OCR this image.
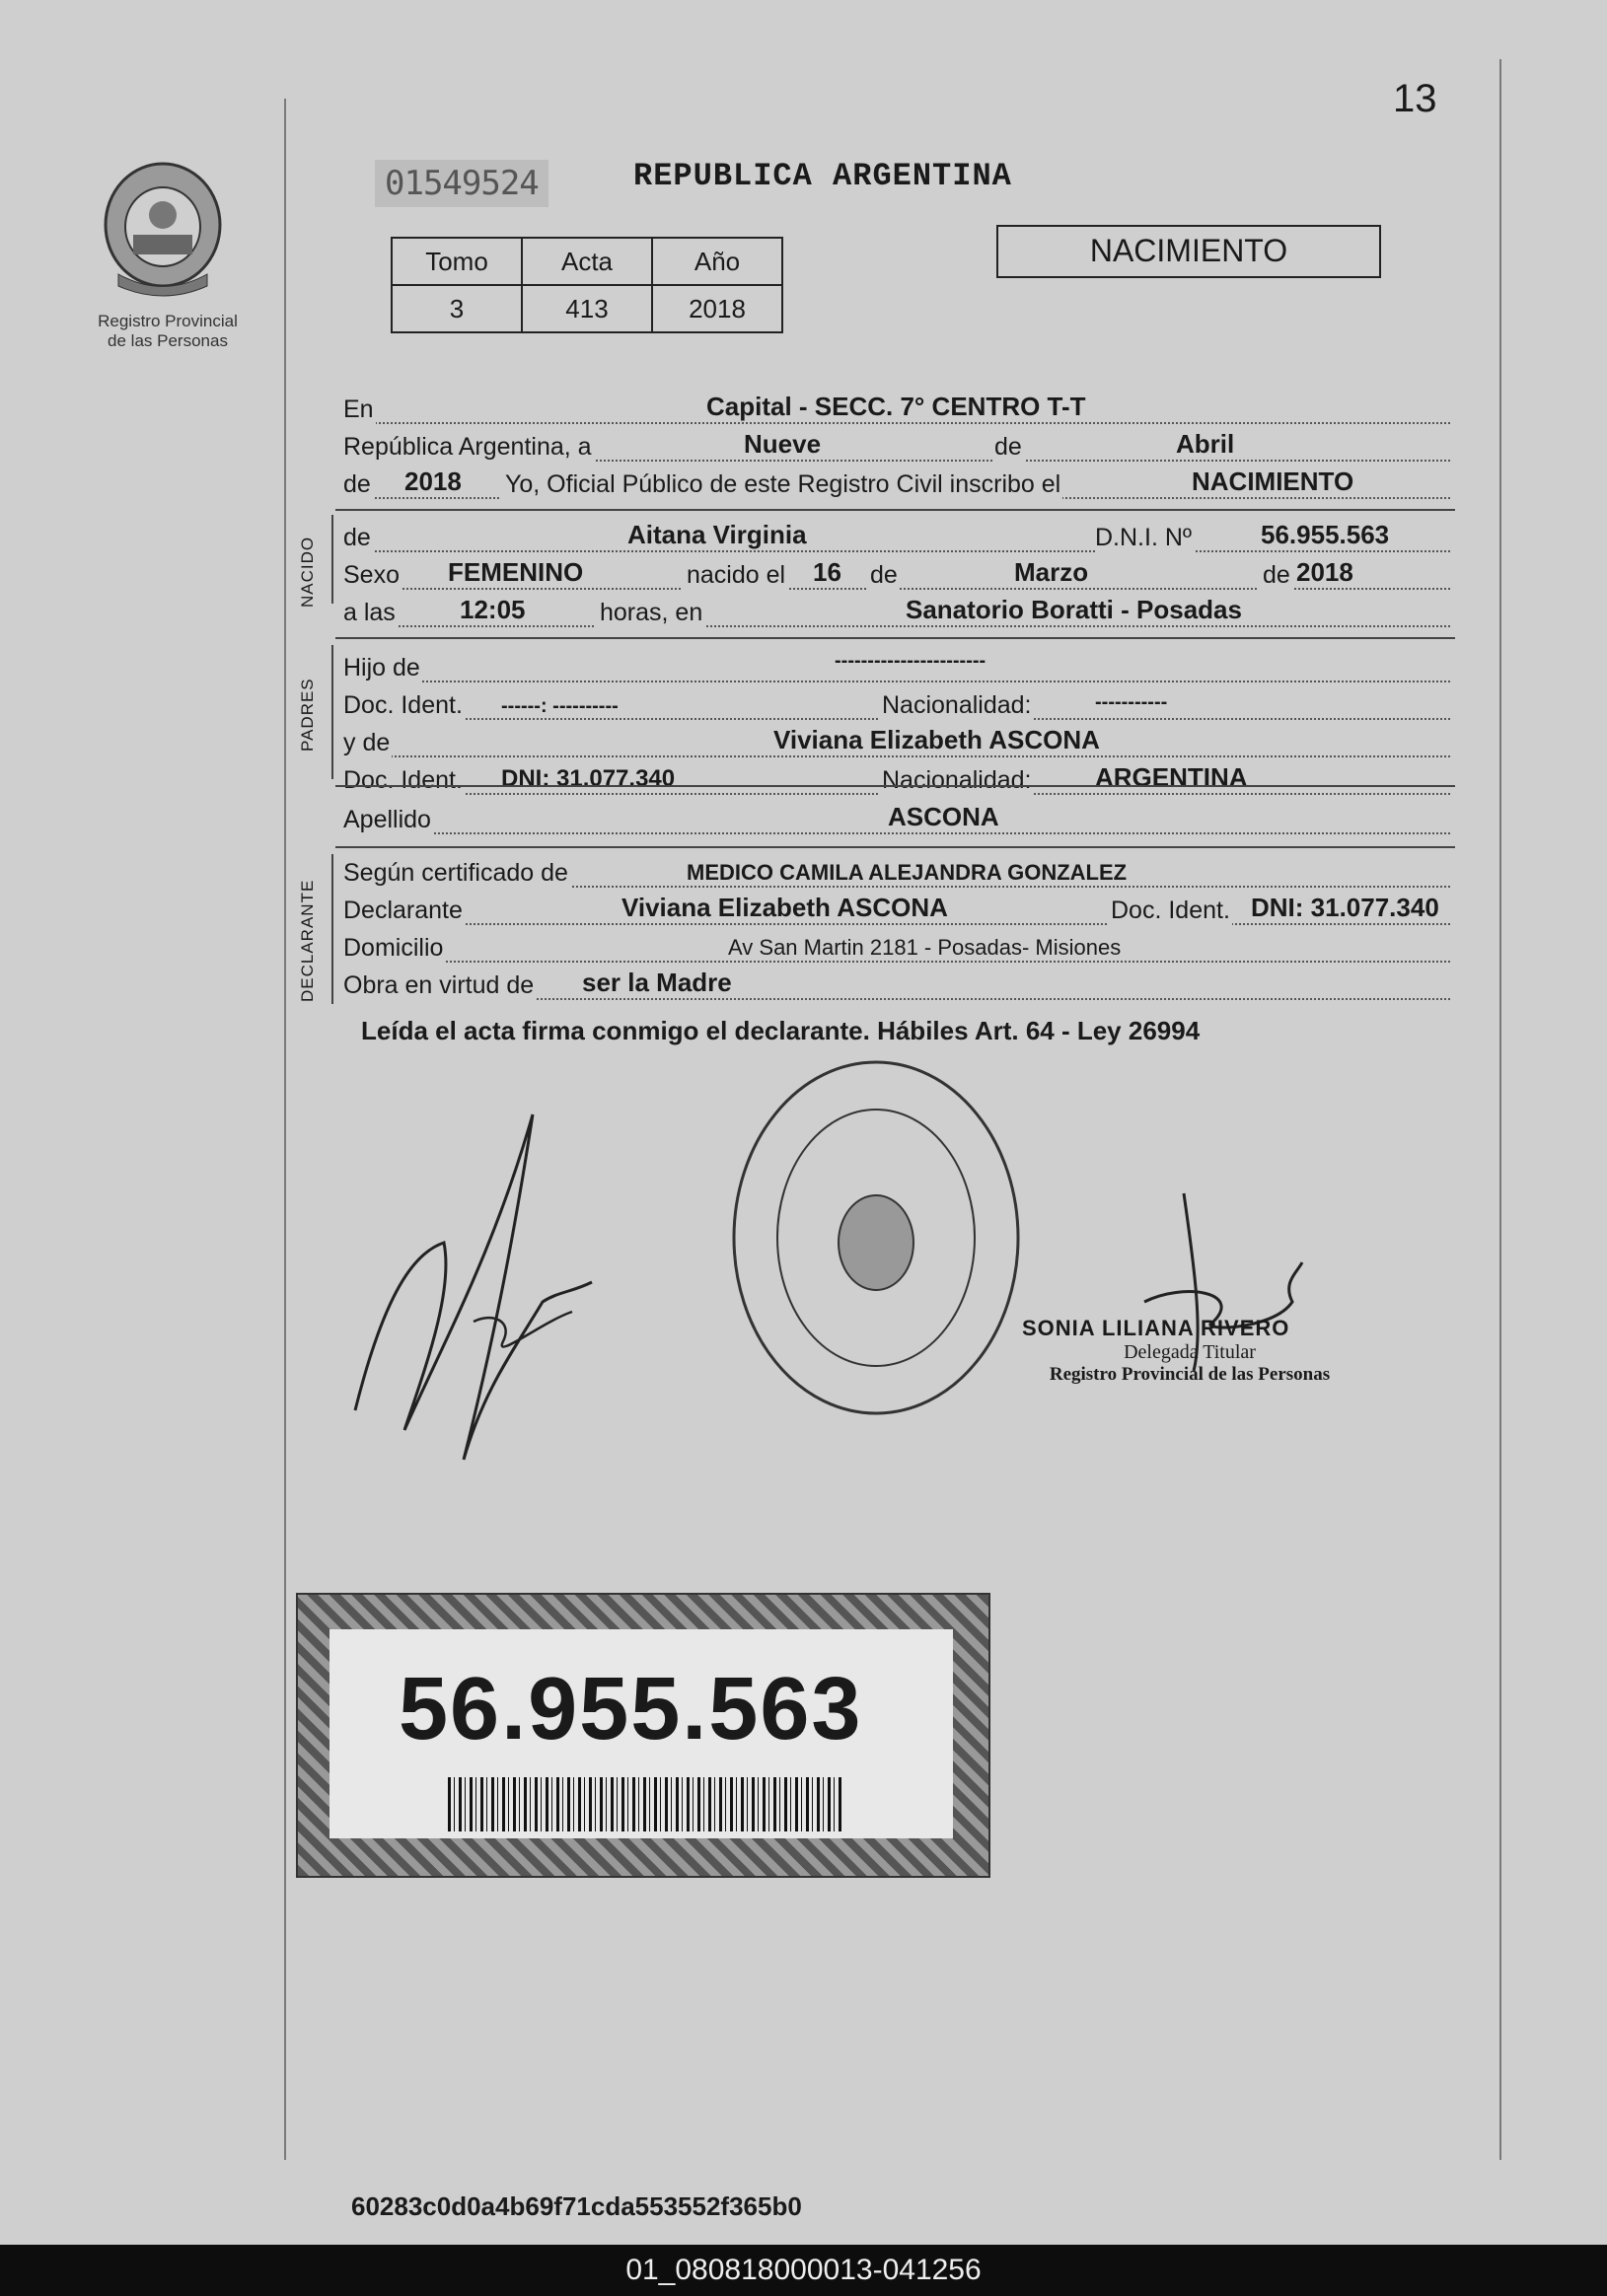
13
Registro Provincial
de las Personas
01549524	REPUBLICA ARGENTINA
Tomo	Acta	Año
3	413	2018
NACIMIENTO
En	Capital - SECC. 7° CENTRO T-T
República Argentina, a	Nueve	de	Abril
de 2018 Yo, Oficial Público de este Registro Civil inscribo el	NACIMIENTO
NACIDO de	Aitana Virginia	D.N.I. Nº	56.955.563
Sexo FEMENINO	nacido el 16 de	Marzo	de 2018
a las	12:05	horas, en	Sanatorio Boratti - Posadas
PADRES
Hijo de	-----------------------
Doc. Ident. ------: ----------	Nacionalidad:	-----------
y de	Viviana Elizabeth ASCONA
Doc. Ident. DNI: 31.077.340	Nacionalidad: ARGENTINA
Apellido	ASCONA
DECLARANTE
Según certificado de	MEDICO CAMILA ALEJANDRA GONZALEZ
Declarante	Viviana Elizabeth ASCONA	Doc. Ident. DNI: 31.077.340
Domicilio	Av San Martin 2181 - Posadas- Misiones
Obra en virtud de ser la Madre
Leída el acta firma conmigo el declarante. Hábiles Art. 64 - Ley 26994
SONIA LILIANA RIVERO
Delegada Titular
Registro Provincial de las Personas
56.955.563
60283c0d0a4b69f71cda553552f365b0
01_080818000013-041256
